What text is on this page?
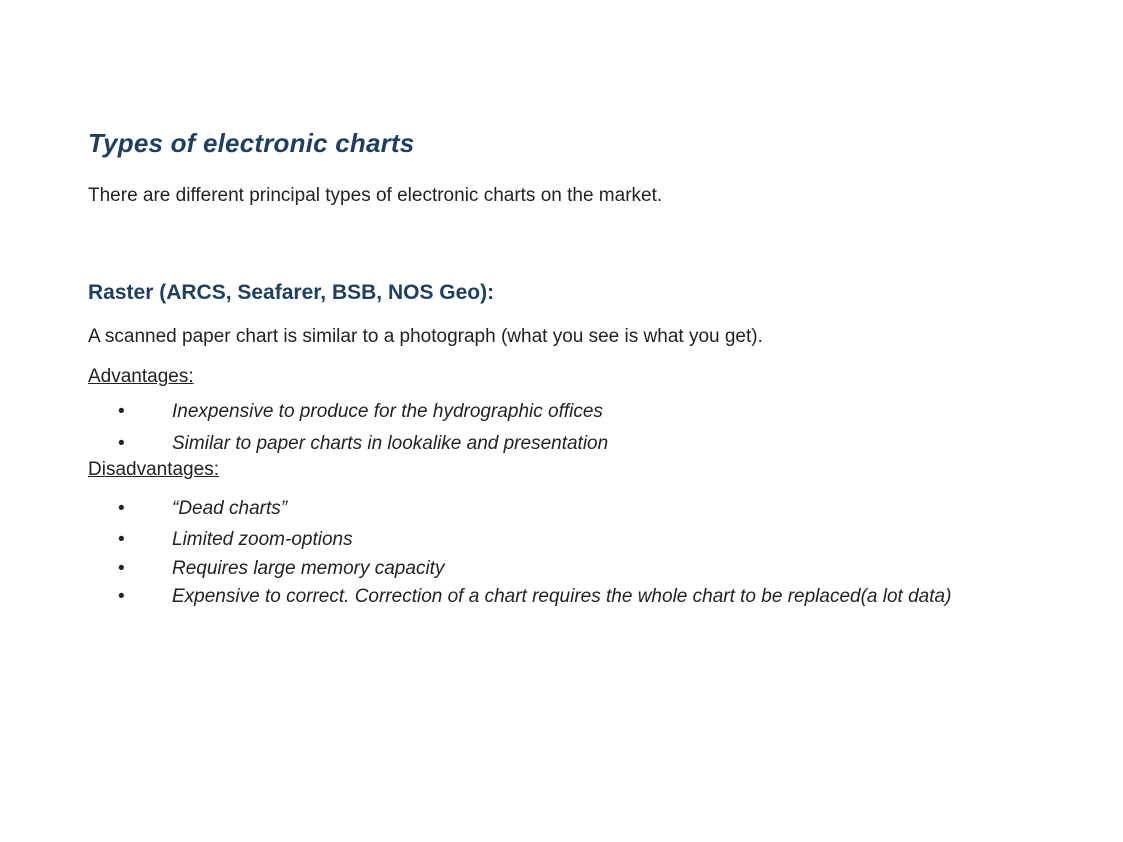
Types of electronic charts

There are different principal types of electronic charts on the market.

Raster (ARCS, Seafarer, BSB, NOS Geo):

A scanned paper chart is similar to a photograph (what you see is what you get).

Advantages:

• Inexpensive to produce for the hydrographic offices
• Similar to paper charts in lookalike and presentation

Disadvantages:

• “Dead charts”
• Limited zoom-options
• Requires large memory capacity
• Expensive to correct. Correction of a chart requires the whole chart to be replaced(a lot data)
